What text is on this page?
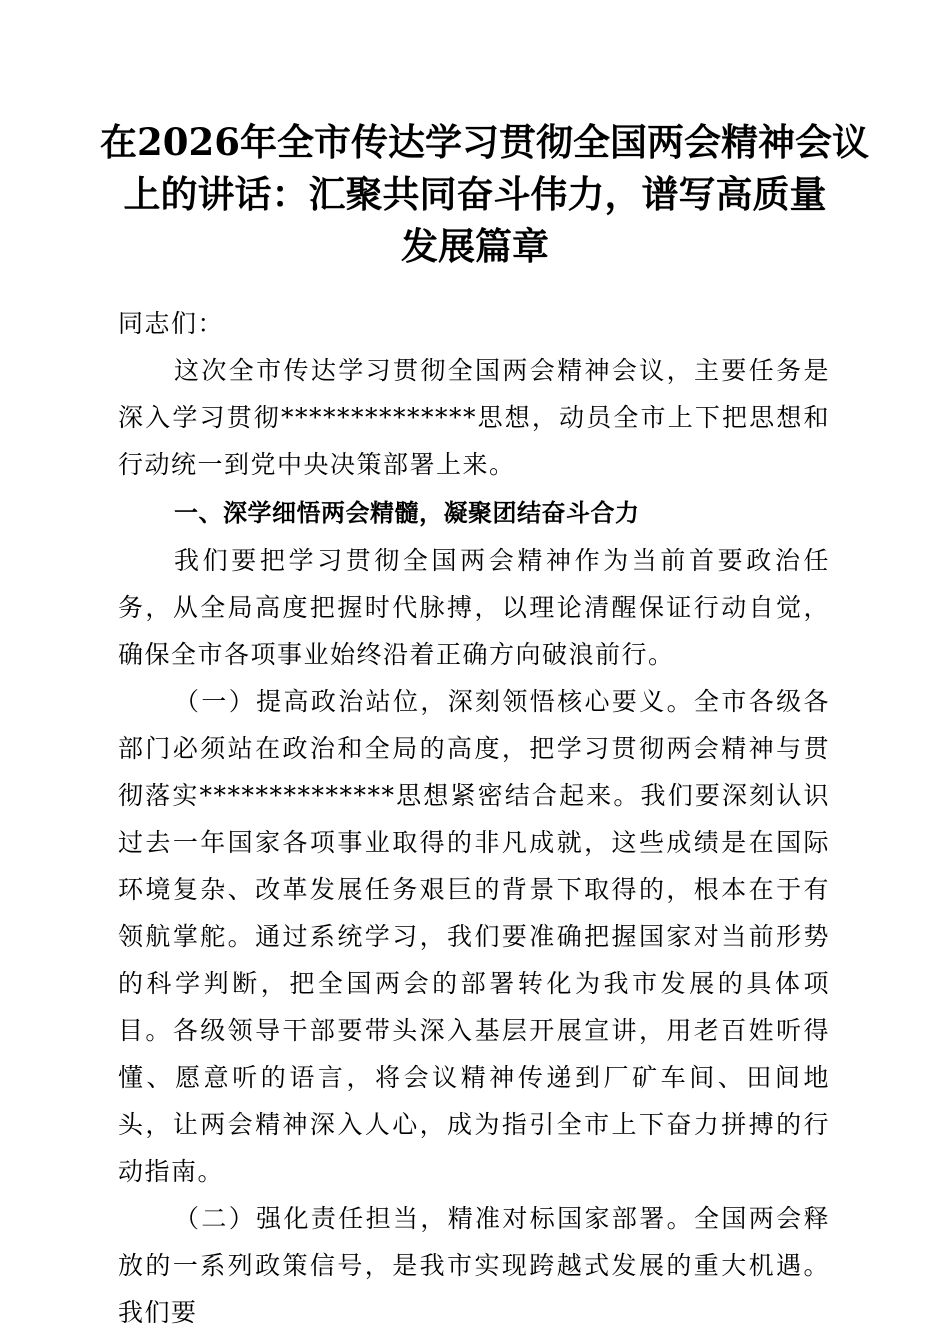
在2026年全市传达学习贯彻全国两会精神会议
上的讲话：汇聚共同奋斗伟力，谱写高质量
发展篇章

同志们：

这次全市传达学习贯彻全国两会精神会议，主要任务是深入学习贯彻**************思想，动员全市上下把思想和行动统一到党中央决策部署上来。

一、深学细悟两会精髓，凝聚团结奋斗合力

我们要把学习贯彻全国两会精神作为当前首要政治任务，从全局高度把握时代脉搏，以理论清醒保证行动自觉，确保全市各项事业始终沿着正确方向破浪前行。

（一）提高政治站位，深刻领悟核心要义。全市各级各部门必须站在政治和全局的高度，把学习贯彻两会精神与贯彻落实**************思想紧密结合起来。我们要深刻认识过去一年国家各项事业取得的非凡成就，这些成绩是在国际环境复杂、改革发展任务艰巨的背景下取得的，根本在于有领航掌舵。通过系统学习，我们要准确把握国家对当前形势的科学判断，把全国两会的部署转化为我市发展的具体项目。各级领导干部要带头深入基层开展宣讲，用老百姓听得懂、愿意听的语言，将会议精神传递到厂矿车间、田间地头，让两会精神深入人心，成为指引全市上下奋力拼搏的行动指南。

（二）强化责任担当，精准对标国家部署。全国两会释放的一系列政策信号，是我市实现跨越式发展的重大机遇。我们要
